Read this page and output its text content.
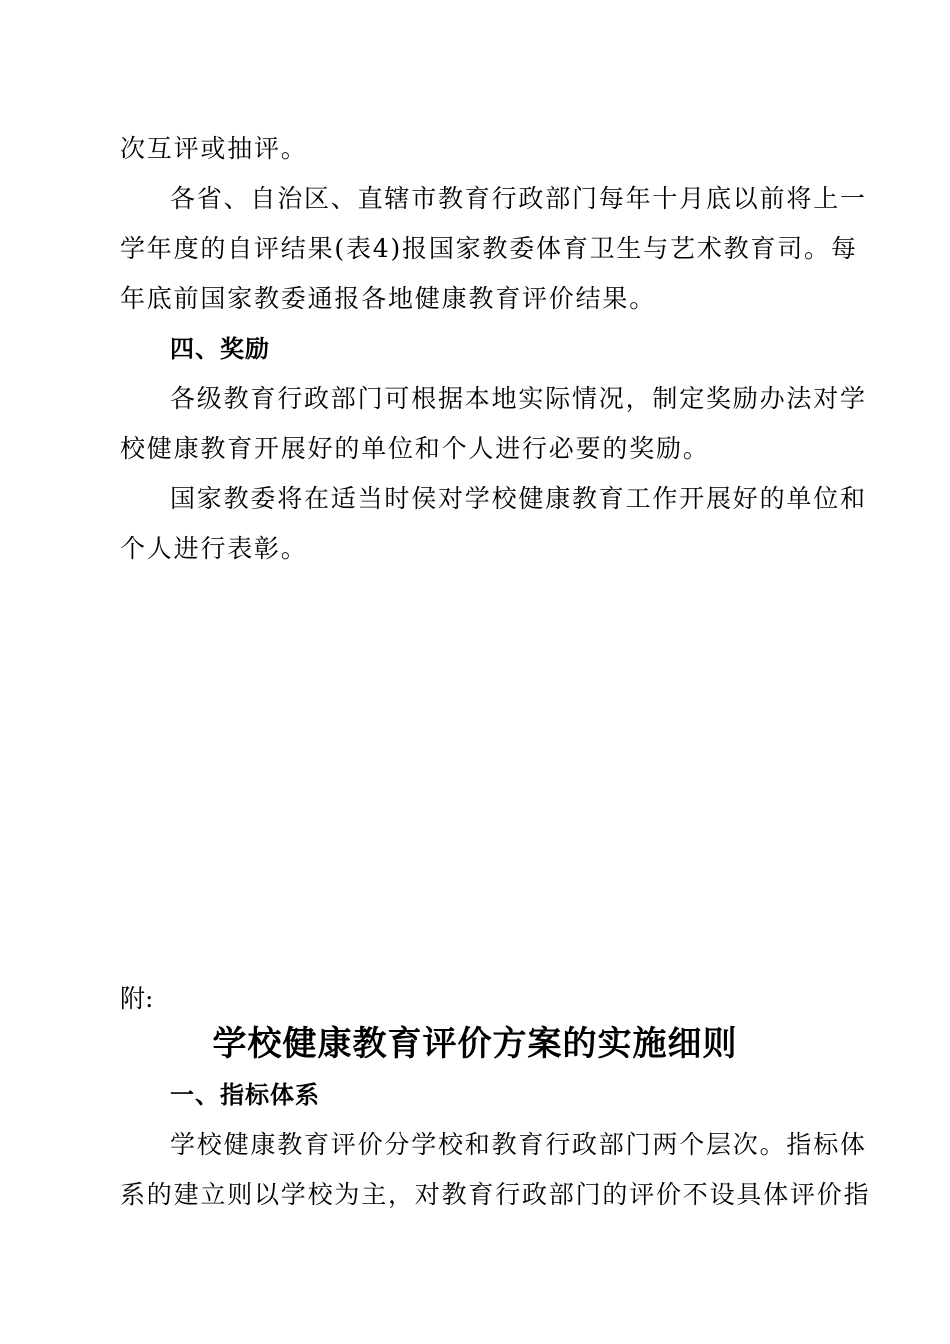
次互评或抽评。
各省、自治区、直辖市教育行政部门每年十月底以前将上一
学年度的自评结果(表4)报国家教委体育卫生与艺术教育司。每
年底前国家教委通报各地健康教育评价结果。
四、奖励
各级教育行政部门可根据本地实际情况，制定奖励办法对学
校健康教育开展好的单位和个人进行必要的奖励。
国家教委将在适当时侯对学校健康教育工作开展好的单位和
个人进行表彰。
附:
学校健康教育评价方案的实施细则
一、指标体系
学校健康教育评价分学校和教育行政部门两个层次。指标体
系的建立则以学校为主，对教育行政部门的评价不设具体评价指
